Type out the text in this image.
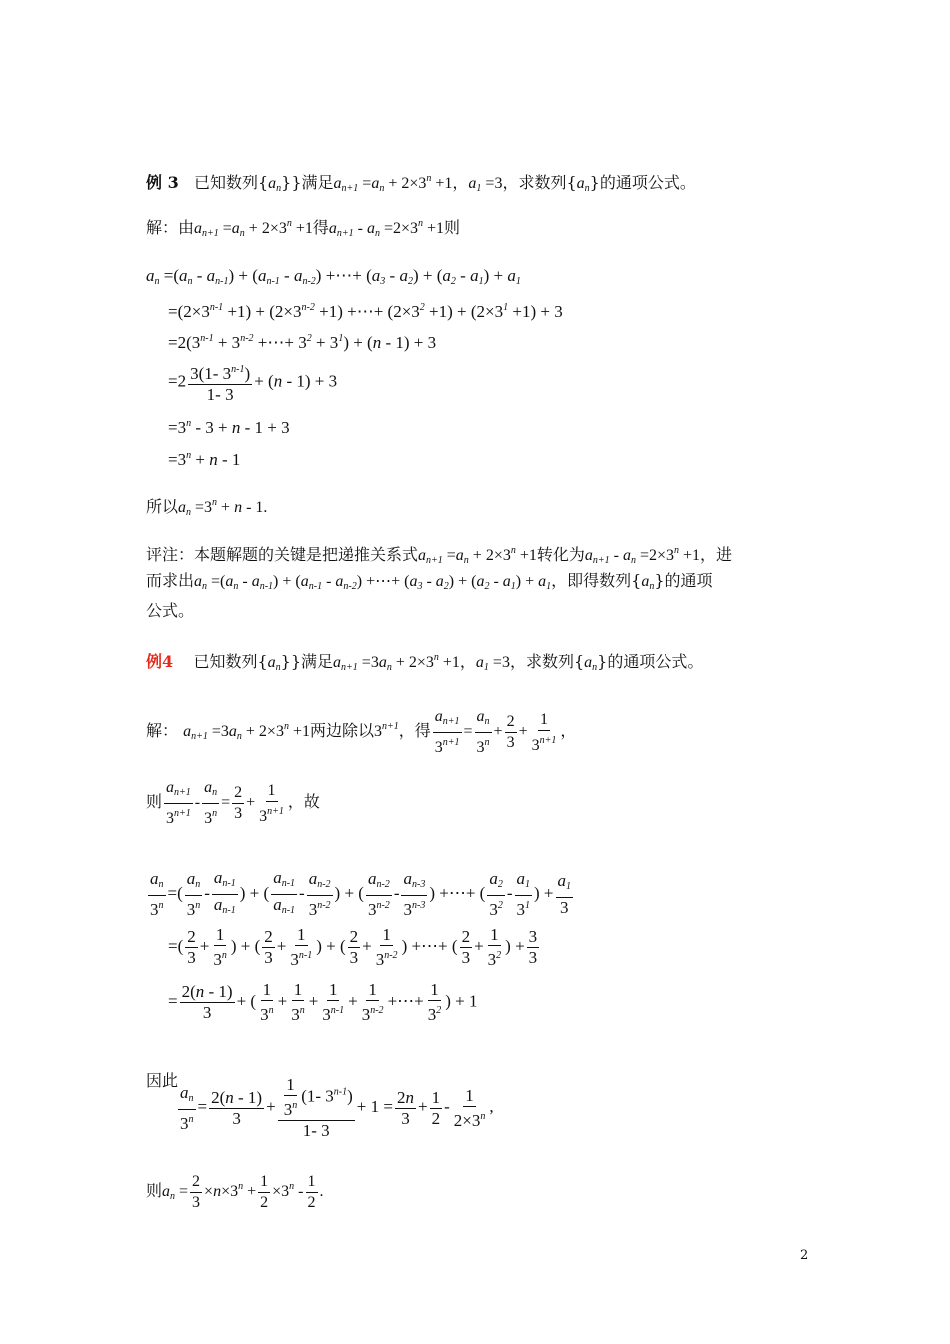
例 3 已知数列$\{a_n\}$}满足$a_{n+1} =a_n + 2\times 3^n +1$，$a_1 =3$，求数列$\{a_n\}$的通项公式。
解：由$a_{n+1} =a_n + 2\times 3^n +1$得$a_{n+1} - a_n =2\times 3^n +1$则
$a_n =(a_n - a_{n-1}) + (a_{n-1} - a_{n-2})$ +⋯+ $(a_3 - a_2) + (a_2 - a_1) + a_1$
$=(2\times 3^{n-1} +1) + (2\times 3^{n-2} +1)$ +⋯+ $(2\times 3^2 +1) + (2\times 3^1 +1) + 3$
$=2(3^{n-1} + 3^{n-2}$ +⋯+ $3^2 + 3^1) + (n - 1) + 3$
$=2 \frac{3(1- 3^{n-1})}{1- 3} + (n - 1) + 3$
$=3^n - 3 + n - 1 + 3$
$=3^n + n - 1$
所以$a_n =3^n + n - 1$.
评注：本题解题的关键是把递推关系式$a_{n+1} =a_n + 2\times 3^n +1$转化为$a_{n+1} - a_n =2\times 3^n +1$，进
而求出$a_n =(a_n - a_{n-1}) + (a_{n-1} - a_{n-2})$ +⋯+ $(a_3 - a_2) + (a_2 - a_1) + a_1$，即得数列$\{a_n\}$的通项
公式。
例4 已知数列$\{a_n\}$}满足$a_{n+1} =3a_n + 2\times 3^n +1$，$a_1 =3$，求数列$\{a_n\}$的通项公式。
解： $a_{n+1} =3a_n + 2\times 3^n +1$两边除以$3^{n+1}$，得 $\frac{a_{n+1}}{3^{n+1}} = \frac{a_n}{3^n} + \frac{2}{3} + \frac{1}{3^{n+1}}$ ，
则 $\frac{a_{n+1}}{3^{n+1}} - \frac{a_n}{3^n} = \frac{2}{3} + \frac{1}{3^{n+1}}$ ，故
$\frac{a_n}{3^n}$ =( $\frac{a_n}{3^n} - \frac{a_{n-1}}{a_{n-1}}$ ) + ( $\frac{a_{n-1}}{a_{n-1}} - \frac{a_{n-2}}{3^{n-2}}$ ) + ( $\frac{a_{n-2}}{3^{n-2}} - \frac{a_{n-3}}{3^{n-3}}$ ) +⋯+ ( $\frac{a_2}{3^2} - \frac{a_1}{3^1}$ ) + $\frac{a_1}{3}$
=( $\frac{2}{3} + \frac{1}{3^n}$ ) + ( $\frac{2}{3} + \frac{1}{3^{n-1}}$ ) + ( $\frac{2}{3} + \frac{1}{3^{n-2}}$ ) +⋯+ ( $\frac{2}{3} + \frac{1}{3^2}$ ) + $\frac{3}{3}$
= $\frac{2(n - 1)}{3}$ + ( $\frac{1}{3^n} + \frac{1}{3^n} + \frac{1}{3^{n-1}} + \frac{1}{3^{n-2}}$ +⋯+ $\frac{1}{3^2}$ ) + 1
因此
$\frac{a_n}{3^n} = \frac{2(n - 1)}{3} + \frac{\frac{1}{3^n} (1- 3^{n-1})}{1- 3} + 1 = \frac{2n}{3} + \frac{1}{2} - \frac{1}{2\times 3^n}$ ,
则$a_n = \frac{2}{3} \times n\times 3^n + \frac{1}{2} \times 3^n - \frac{1}{2}$ .
2
